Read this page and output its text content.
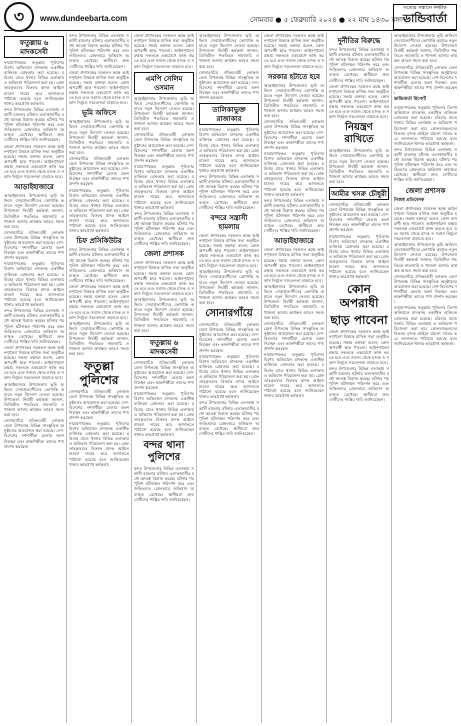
৩	www.dundeebarta.com	সোমবার ● ৫ ফেব্রুয়ারি ২০২৪ ● ২২ মাঘ ১৪৩০ বঙ্গাব্দ
সত্যের সন্ধানে নির্ভীক
ডান্ডিবার্তা
ফতুল্লায় ৬ মাদকসেবী

নারায়ণগঞ্জের ফতুল্লায় পুলিশের বিশেষ অভিযানে মাদকসহ একাধিক ব্যক্তিকে গ্রেফতার করা হয়েছে। রবিবার রাতে থানার বিভিন্ন এলাকায় এ অভিযান পরিচালনা করা হয়। গ্রেফতারকৃতদের বিরুদ্ধে মাদক আইনে মামলা দায়ের করে আদালতে পাঠানো হয়েছে বলে জানিয়েছেন থানার ভারপ্রাপ্ত কর্মকর্তা।

বন্দর উপজেলার বিভিন্ন এলাকায় সন্ত্রাসী হামলার ঘটনায় এলাকাবাসীর মধ্যে আতঙ্ক বিরাজ করছে। ঘটনার পর পুলিশ ঘটনাস্থল পরিদর্শন করে এবং জড়িতদের গ্রেফতারে অভিযান অব্যাহত রেখেছে। স্থানীয়রা দ্রুত দোষীদের শাস্তির দাবি জানিয়েছেন।

জেলা প্রশাসকের সম্মেলন কক্ষে আইনশৃঙ্খলা বিষয়ক মাসিক সভা অনুষ্ঠিত হয়েছে। সভায় বক্তারা বলেন, কোন অপরাধী ছাড় পাবেনা। আইনশৃঙ্খলা রক্ষায় সকলকে একযোগে কাজ করতে হবে এবং সমাজ থেকে মাদক ও সন্ত্রাস নির্মূলে সচেতনতা বাড়াতে হবে।

আড়াইহাজারে

আড়াইহাজার উপজেলায় ভূমি অফিসে সেবাপ্রত্যাশীদের ভোগান্তি কমাতে নতুন উদ্যোগ নেওয়া হয়েছে। উপজেলা নির্বাহী কর্মকর্তা জানান, ডিজিটাল পদ্ধতিতে নামজারি ও খাজনা আদায় কার্যক্রম আরও সহজ করা হবে।

সোনারগাঁয়ে ঐতিহ্যবাহী লোকজ মেলা উপলক্ষে বিভিন্ন সাংস্কৃতিক অনুষ্ঠানের আয়োজন করা হয়েছে। দেশ-বিদেশের দর্শনার্থীরা মেলায় অংশ নিচ্ছেন এবং কারুশিল্পীরা তাদের পণ্য প্রদর্শন করছেন।

নারায়ণগঞ্জের ফতুল্লায় পুলিশের বিশেষ অভিযানে মাদকসহ একাধিক ব্যক্তিকে গ্রেফতার করা হয়েছে। রবিবার রাতে থানার বিভিন্ন এলাকায় এ অভিযান পরিচালনা করা হয়। গ্রেফতারকৃতদের বিরুদ্ধে মাদক আইনে মামলা দায়ের করে আদালতে পাঠানো হয়েছে বলে জানিয়েছেন থানার ভারপ্রাপ্ত কর্মকর্তা।

বন্দর উপজেলার বিভিন্ন এলাকায় সন্ত্রাসী হামলার ঘটনায় এলাকাবাসীর মধ্যে আতঙ্ক বিরাজ করছে। ঘটনার পর পুলিশ ঘটনাস্থল পরিদর্শন করে এবং জড়িতদের গ্রেফতারে অভিযান অব্যাহত রেখেছে। স্থানীয়রা দ্রুত দোষীদের শাস্তির দাবি জানিয়েছেন।

জেলা প্রশাসকের সম্মেলন কক্ষে আইনশৃঙ্খলা বিষয়ক মাসিক সভা অনুষ্ঠিত হয়েছে। সভায় বক্তারা বলেন, কোন অপরাধী ছাড় পাবেনা। আইনশৃঙ্খলা রক্ষায় সকলকে একযোগে কাজ করতে হবে এবং সমাজ থেকে মাদক ও সন্ত্রাস নির্মূলে সচেতনতা বাড়াতে হবে।

আড়াইহাজার উপজেলায় ভূমি অফিসে সেবাপ্রত্যাশীদের ভোগান্তি কমাতে নতুন উদ্যোগ নেওয়া হয়েছে। উপজেলা নির্বাহী কর্মকর্তা জানান, ডিজিটাল পদ্ধতিতে নামজারি ও খাজনা আদায় কার্যক্রম আরও সহজ করা হবে।

সোনারগাঁয়ে ঐতিহ্যবাহী লোকজ মেলা উপলক্ষে বিভিন্ন সাংস্কৃতিক অনুষ্ঠানের আয়োজন করা হয়েছে। দেশ-বিদেশের দর্শনার্থীরা মেলায় অংশ নিচ্ছেন এবং কারুশিল্পীরা তাদের পণ্য প্রদর্শন করছেন।

বন্দর উপজেলার বিভিন্ন এলাকায় সন্ত্রাসী হামলার ঘটনায় এলাকাবাসীর মধ্যে আতঙ্ক বিরাজ করছে। ঘটনার পর পুলিশ ঘটনাস্থল পরিদর্শন করে এবং জড়িতদের গ্রেফতারে অভিযান অব্যাহত রেখেছে। স্থানীয়রা দ্রুত দোষীদের শাস্তির দাবি জানিয়েছেন।

জেলা প্রশাসকের সম্মেলন কক্ষে আইনশৃঙ্খলা বিষয়ক মাসিক সভা অনুষ্ঠিত হয়েছে। সভায় বক্তারা বলেন, কোন অপরাধী ছাড় পাবেনা। আইনশৃঙ্খলা রক্ষায় সকলকে একযোগে কাজ করতে হবে এবং সমাজ থেকে মাদক ও সন্ত্রাস নির্মূলে সচেতনতা বাড়াতে হবে।

ভূমি অফিসে

আড়াইহাজার উপজেলায় ভূমি অফিসে সেবাপ্রত্যাশীদের ভোগান্তি কমাতে নতুন উদ্যোগ নেওয়া হয়েছে। উপজেলা নির্বাহী কর্মকর্তা জানান, ডিজিটাল পদ্ধতিতে নামজারি ও খাজনা আদায় কার্যক্রম আরও সহজ করা হবে।

সোনারগাঁয়ে ঐতিহ্যবাহী লোকজ মেলা উপলক্ষে বিভিন্ন সাংস্কৃতিক অনুষ্ঠানের আয়োজন করা হয়েছে। দেশ-বিদেশের দর্শনার্থীরা মেলায় অংশ নিচ্ছেন এবং কারুশিল্পীরা তাদের পণ্য প্রদর্শন করছেন।

নারায়ণগঞ্জের ফতুল্লায় পুলিশের বিশেষ অভিযানে মাদকসহ একাধিক ব্যক্তিকে গ্রেফতার করা হয়েছে। রবিবার রাতে থানার বিভিন্ন এলাকায় এ অভিযান পরিচালনা করা হয়। গ্রেফতারকৃতদের বিরুদ্ধে মাদক আইনে মামলা দায়ের করে আদালতে পাঠানো হয়েছে বলে জানিয়েছেন থানার ভারপ্রাপ্ত কর্মকর্তা।

চিফ প্রসিকিউটর

বন্দর উপজেলার বিভিন্ন এলাকায় সন্ত্রাসী হামলার ঘটনায় এলাকাবাসীর মধ্যে আতঙ্ক বিরাজ করছে। ঘটনার পর পুলিশ ঘটনাস্থল পরিদর্শন করে এবং জড়িতদের গ্রেফতারে অভিযান অব্যাহত রেখেছে। স্থানীয়রা দ্রুত দোষীদের শাস্তির দাবি জানিয়েছেন।

জেলা প্রশাসকের সম্মেলন কক্ষে আইনশৃঙ্খলা বিষয়ক মাসিক সভা অনুষ্ঠিত হয়েছে। সভায় বক্তারা বলেন, কোন অপরাধী ছাড় পাবেনা। আইনশৃঙ্খলা রক্ষায় সকলকে একযোগে কাজ করতে হবে এবং সমাজ থেকে মাদক ও সন্ত্রাস নির্মূলে সচেতনতা বাড়াতে হবে।

আড়াইহাজার উপজেলায় ভূমি অফিসে সেবাপ্রত্যাশীদের ভোগান্তি কমাতে নতুন উদ্যোগ নেওয়া হয়েছে। উপজেলা নির্বাহী কর্মকর্তা জানান, ডিজিটাল পদ্ধতিতে নামজারি ও খাজনা আদায় কার্যক্রম আরও সহজ করা হবে।

ফতুল্লা পুলিশের

সোনারগাঁয়ে ঐতিহ্যবাহী লোকজ মেলা উপলক্ষে বিভিন্ন সাংস্কৃতিক অনুষ্ঠানের আয়োজন করা হয়েছে। দেশ-বিদেশের দর্শনার্থীরা মেলায় অংশ নিচ্ছেন এবং কারুশিল্পীরা তাদের পণ্য প্রদর্শন করছেন।

নারায়ণগঞ্জের ফতুল্লায় পুলিশের বিশেষ অভিযানে মাদকসহ একাধিক ব্যক্তিকে গ্রেফতার করা হয়েছে। রবিবার রাতে থানার বিভিন্ন এলাকায় এ অভিযান পরিচালনা করা হয়। গ্রেফতারকৃতদের বিরুদ্ধে মাদক আইনে মামলা দায়ের করে আদালতে পাঠানো হয়েছে বলে জানিয়েছেন থানার ভারপ্রাপ্ত কর্মকর্তা।

জেলা প্রশাসকের সম্মেলন কক্ষে আইনশৃঙ্খলা বিষয়ক মাসিক সভা অনুষ্ঠিত হয়েছে। সভায় বক্তারা বলেন, কোন অপরাধী ছাড় পাবেনা। আইনশৃঙ্খলা রক্ষায় সকলকে একযোগে কাজ করতে হবে এবং সমাজ থেকে মাদক ও সন্ত্রাস নির্মূলে সচেতনতা বাড়াতে হবে।

এমপি সেলিম ওসমান

আড়াইহাজার উপজেলায় ভূমি অফিসে সেবাপ্রত্যাশীদের ভোগান্তি কমাতে নতুন উদ্যোগ নেওয়া হয়েছে। উপজেলা নির্বাহী কর্মকর্তা জানান, ডিজিটাল পদ্ধতিতে নামজারি ও খাজনা আদায় কার্যক্রম আরও সহজ করা হবে।

সোনারগাঁয়ে ঐতিহ্যবাহী লোকজ মেলা উপলক্ষে বিভিন্ন সাংস্কৃতিক অনুষ্ঠানের আয়োজন করা হয়েছে। দেশ-বিদেশের দর্শনার্থীরা মেলায় অংশ নিচ্ছেন এবং কারুশিল্পীরা তাদের পণ্য প্রদর্শন করছেন।

নারায়ণগঞ্জের ফতুল্লায় পুলিশের বিশেষ অভিযানে মাদকসহ একাধিক ব্যক্তিকে গ্রেফতার করা হয়েছে। রবিবার রাতে থানার বিভিন্ন এলাকায় এ অভিযান পরিচালনা করা হয়। গ্রেফতারকৃতদের বিরুদ্ধে মাদক আইনে মামলা দায়ের করে আদালতে পাঠানো হয়েছে বলে জানিয়েছেন থানার ভারপ্রাপ্ত কর্মকর্তা।

বন্দর উপজেলার বিভিন্ন এলাকায় সন্ত্রাসী হামলার ঘটনায় এলাকাবাসীর মধ্যে আতঙ্ক বিরাজ করছে। ঘটনার পর পুলিশ ঘটনাস্থল পরিদর্শন করে এবং জড়িতদের গ্রেফতারে অভিযান অব্যাহত রেখেছে। স্থানীয়রা দ্রুত দোষীদের শাস্তির দাবি জানিয়েছেন।

জেলা প্রশাসক

জেলা প্রশাসকের সম্মেলন কক্ষে আইনশৃঙ্খলা বিষয়ক মাসিক সভা অনুষ্ঠিত হয়েছে। সভায় বক্তারা বলেন, কোন অপরাধী ছাড় পাবেনা। আইনশৃঙ্খলা রক্ষায় সকলকে একযোগে কাজ করতে হবে এবং সমাজ থেকে মাদক ও সন্ত্রাস নির্মূলে সচেতনতা বাড়াতে হবে।

আড়াইহাজার উপজেলায় ভূমি অফিসে সেবাপ্রত্যাশীদের ভোগান্তি কমাতে নতুন উদ্যোগ নেওয়া হয়েছে। উপজেলা নির্বাহী কর্মকর্তা জানান, ডিজিটাল পদ্ধতিতে নামজারি ও খাজনা আদায় কার্যক্রম আরও সহজ করা হবে।

ফতুল্লায় ৬ মাদকসেবী

সোনারগাঁয়ে ঐতিহ্যবাহী লোকজ মেলা উপলক্ষে বিভিন্ন সাংস্কৃতিক অনুষ্ঠানের আয়োজন করা হয়েছে। দেশ-বিদেশের দর্শনার্থীরা মেলায় অংশ নিচ্ছেন এবং কারুশিল্পীরা তাদের পণ্য প্রদর্শন করছেন।

নারায়ণগঞ্জের ফতুল্লায় পুলিশের বিশেষ অভিযানে মাদকসহ একাধিক ব্যক্তিকে গ্রেফতার করা হয়েছে। রবিবার রাতে থানার বিভিন্ন এলাকায় এ অভিযান পরিচালনা করা হয়। গ্রেফতারকৃতদের বিরুদ্ধে মাদক আইনে মামলা দায়ের করে আদালতে পাঠানো হয়েছে বলে জানিয়েছেন থানার ভারপ্রাপ্ত কর্মকর্তা।

বন্দর থানা পুলিশের

বন্দর উপজেলার বিভিন্ন এলাকায় সন্ত্রাসী হামলার ঘটনায় এলাকাবাসীর মধ্যে আতঙ্ক বিরাজ করছে। ঘটনার পর পুলিশ ঘটনাস্থল পরিদর্শন করে এবং জড়িতদের গ্রেফতারে অভিযান অব্যাহত রেখেছে। স্থানীয়রা দ্রুত দোষীদের শাস্তির দাবি জানিয়েছেন।

আড়াইহাজার উপজেলায় ভূমি অফিসে সেবাপ্রত্যাশীদের ভোগান্তি কমাতে নতুন উদ্যোগ নেওয়া হয়েছে। উপজেলা নির্বাহী কর্মকর্তা জানান, ডিজিটাল পদ্ধতিতে নামজারি ও খাজনা আদায় কার্যক্রম আরও সহজ করা হবে।

সোনারগাঁয়ে ঐতিহ্যবাহী লোকজ মেলা উপলক্ষে বিভিন্ন সাংস্কৃতিক অনুষ্ঠানের আয়োজন করা হয়েছে। দেশ-বিদেশের দর্শনার্থীরা মেলায় অংশ নিচ্ছেন এবং কারুশিল্পীরা তাদের পণ্য প্রদর্শন করছেন।

তালিকাভুক্ত রাজাকার

নারায়ণগঞ্জের ফতুল্লায় পুলিশের বিশেষ অভিযানে মাদকসহ একাধিক ব্যক্তিকে গ্রেফতার করা হয়েছে। রবিবার রাতে থানার বিভিন্ন এলাকায় এ অভিযান পরিচালনা করা হয়। গ্রেফতারকৃতদের বিরুদ্ধে মাদক আইনে মামলা দায়ের করে আদালতে পাঠানো হয়েছে বলে জানিয়েছেন থানার ভারপ্রাপ্ত কর্মকর্তা।

বন্দর উপজেলার বিভিন্ন এলাকায় সন্ত্রাসী হামলার ঘটনায় এলাকাবাসীর মধ্যে আতঙ্ক বিরাজ করছে। ঘটনার পর পুলিশ ঘটনাস্থল পরিদর্শন করে এবং জড়িতদের গ্রেফতারে অভিযান অব্যাহত রেখেছে। স্থানীয়রা দ্রুত দোষীদের শাস্তির দাবি জানিয়েছেন।

বন্দরে সন্ত্রাসী হামলায়

জেলা প্রশাসকের সম্মেলন কক্ষে আইনশৃঙ্খলা বিষয়ক মাসিক সভা অনুষ্ঠিত হয়েছে। সভায় বক্তারা বলেন, কোন অপরাধী ছাড় পাবেনা। আইনশৃঙ্খলা রক্ষায় সকলকে একযোগে কাজ করতে হবে এবং সমাজ থেকে মাদক ও সন্ত্রাস নির্মূলে সচেতনতা বাড়াতে হবে।

আড়াইহাজার উপজেলায় ভূমি অফিসে সেবাপ্রত্যাশীদের ভোগান্তি কমাতে নতুন উদ্যোগ নেওয়া হয়েছে। উপজেলা নির্বাহী কর্মকর্তা জানান, ডিজিটাল পদ্ধতিতে নামজারি ও খাজনা আদায় কার্যক্রম আরও সহজ করা হবে।

সোনারগাঁয়ে

সোনারগাঁয়ে ঐতিহ্যবাহী লোকজ মেলা উপলক্ষে বিভিন্ন সাংস্কৃতিক অনুষ্ঠানের আয়োজন করা হয়েছে। দেশ-বিদেশের দর্শনার্থীরা মেলায় অংশ নিচ্ছেন এবং কারুশিল্পীরা তাদের পণ্য প্রদর্শন করছেন।

নারায়ণগঞ্জের ফতুল্লায় পুলিশের বিশেষ অভিযানে মাদকসহ একাধিক ব্যক্তিকে গ্রেফতার করা হয়েছে। রবিবার রাতে থানার বিভিন্ন এলাকায় এ অভিযান পরিচালনা করা হয়। গ্রেফতারকৃতদের বিরুদ্ধে মাদক আইনে মামলা দায়ের করে আদালতে পাঠানো হয়েছে বলে জানিয়েছেন থানার ভারপ্রাপ্ত কর্মকর্তা।

বন্দর উপজেলার বিভিন্ন এলাকায় সন্ত্রাসী হামলার ঘটনায় এলাকাবাসীর মধ্যে আতঙ্ক বিরাজ করছে। ঘটনার পর পুলিশ ঘটনাস্থল পরিদর্শন করে এবং জড়িতদের গ্রেফতারে অভিযান অব্যাহত রেখেছে। স্থানীয়রা দ্রুত দোষীদের শাস্তির দাবি জানিয়েছেন।

জেলা প্রশাসকের সম্মেলন কক্ষে আইনশৃঙ্খলা বিষয়ক মাসিক সভা অনুষ্ঠিত হয়েছে। সভায় বক্তারা বলেন, কোন অপরাধী ছাড় পাবেনা। আইনশৃঙ্খলা রক্ষায় সকলকে একযোগে কাজ করতে হবে এবং সমাজ থেকে মাদক ও সন্ত্রাস নির্মূলে সচেতনতা বাড়াতে হবে।

সরকার হটাতে হবে

আড়াইহাজার উপজেলায় ভূমি অফিসে সেবাপ্রত্যাশীদের ভোগান্তি কমাতে নতুন উদ্যোগ নেওয়া হয়েছে। উপজেলা নির্বাহী কর্মকর্তা জানান, ডিজিটাল পদ্ধতিতে নামজারি ও খাজনা আদায় কার্যক্রম আরও সহজ করা হবে।

সোনারগাঁয়ে ঐতিহ্যবাহী লোকজ মেলা উপলক্ষে বিভিন্ন সাংস্কৃতিক অনুষ্ঠানের আয়োজন করা হয়েছে। দেশ-বিদেশের দর্শনার্থীরা মেলায় অংশ নিচ্ছেন এবং কারুশিল্পীরা তাদের পণ্য প্রদর্শন করছেন।

নারায়ণগঞ্জের ফতুল্লায় পুলিশের বিশেষ অভিযানে মাদকসহ একাধিক ব্যক্তিকে গ্রেফতার করা হয়েছে। রবিবার রাতে থানার বিভিন্ন এলাকায় এ অভিযান পরিচালনা করা হয়। গ্রেফতারকৃতদের বিরুদ্ধে মাদক আইনে মামলা দায়ের করে আদালতে পাঠানো হয়েছে বলে জানিয়েছেন থানার ভারপ্রাপ্ত কর্মকর্তা।

বন্দর উপজেলার বিভিন্ন এলাকায় সন্ত্রাসী হামলার ঘটনায় এলাকাবাসীর মধ্যে আতঙ্ক বিরাজ করছে। ঘটনার পর পুলিশ ঘটনাস্থল পরিদর্শন করে এবং জড়িতদের গ্রেফতারে অভিযান অব্যাহত রেখেছে। স্থানীয়রা দ্রুত দোষীদের শাস্তির দাবি জানিয়েছেন।

আড়াইহাজারে

জেলা প্রশাসকের সম্মেলন কক্ষে আইনশৃঙ্খলা বিষয়ক মাসিক সভা অনুষ্ঠিত হয়েছে। সভায় বক্তারা বলেন, কোন অপরাধী ছাড় পাবেনা। আইনশৃঙ্খলা রক্ষায় সকলকে একযোগে কাজ করতে হবে এবং সমাজ থেকে মাদক ও সন্ত্রাস নির্মূলে সচেতনতা বাড়াতে হবে।

আড়াইহাজার উপজেলায় ভূমি অফিসে সেবাপ্রত্যাশীদের ভোগান্তি কমাতে নতুন উদ্যোগ নেওয়া হয়েছে। উপজেলা নির্বাহী কর্মকর্তা জানান, ডিজিটাল পদ্ধতিতে নামজারি ও খাজনা আদায় কার্যক্রম আরও সহজ করা হবে।

সোনারগাঁয়ে ঐতিহ্যবাহী লোকজ মেলা উপলক্ষে বিভিন্ন সাংস্কৃতিক অনুষ্ঠানের আয়োজন করা হয়েছে। দেশ-বিদেশের দর্শনার্থীরা মেলায় অংশ নিচ্ছেন এবং কারুশিল্পীরা তাদের পণ্য প্রদর্শন করছেন।

নারায়ণগঞ্জের ফতুল্লায় পুলিশের বিশেষ অভিযানে মাদকসহ একাধিক ব্যক্তিকে গ্রেফতার করা হয়েছে। রবিবার রাতে থানার বিভিন্ন এলাকায় এ অভিযান পরিচালনা করা হয়। গ্রেফতারকৃতদের বিরুদ্ধে মাদক আইনে মামলা দায়ের করে আদালতে পাঠানো হয়েছে বলে জানিয়েছেন থানার ভারপ্রাপ্ত কর্মকর্তা।

দুর্নীতির বিরুদ্ধে

বন্দর উপজেলার বিভিন্ন এলাকায় সন্ত্রাসী হামলার ঘটনায় এলাকাবাসীর মধ্যে আতঙ্ক বিরাজ করছে। ঘটনার পর পুলিশ ঘটনাস্থল পরিদর্শন করে এবং জড়িতদের গ্রেফতারে অভিযান অব্যাহত রেখেছে। স্থানীয়রা দ্রুত দোষীদের শাস্তির দাবি জানিয়েছেন।

জেলা প্রশাসকের সম্মেলন কক্ষে আইনশৃঙ্খলা বিষয়ক মাসিক সভা অনুষ্ঠিত হয়েছে। সভায় বক্তারা বলেন, কোন অপরাধী ছাড় পাবেনা। আইনশৃঙ্খলা রক্ষায় সকলকে একযোগে কাজ করতে হবে এবং সমাজ থেকে মাদক ও সন্ত্রাস নির্মূলে সচেতনতা বাড়াতে হবে।

নিয়ন্ত্রণ রাখিতে

আড়াইহাজার উপজেলায় ভূমি অফিসে সেবাপ্রত্যাশীদের ভোগান্তি কমাতে নতুন উদ্যোগ নেওয়া হয়েছে। উপজেলা নির্বাহী কর্মকর্তা জানান, ডিজিটাল পদ্ধতিতে নামজারি ও খাজনা আদায় কার্যক্রম আরও সহজ করা হবে।

আমীর খসরু চৌধুরী

সোনারগাঁয়ে ঐতিহ্যবাহী লোকজ মেলা উপলক্ষে বিভিন্ন সাংস্কৃতিক অনুষ্ঠানের আয়োজন করা হয়েছে। দেশ-বিদেশের দর্শনার্থীরা মেলায় অংশ নিচ্ছেন এবং কারুশিল্পীরা তাদের পণ্য প্রদর্শন করছেন।

নারায়ণগঞ্জের ফতুল্লায় পুলিশের বিশেষ অভিযানে মাদকসহ একাধিক ব্যক্তিকে গ্রেফতার করা হয়েছে। রবিবার রাতে থানার বিভিন্ন এলাকায় এ অভিযান পরিচালনা করা হয়। গ্রেফতারকৃতদের বিরুদ্ধে মাদক আইনে মামলা দায়ের করে আদালতে পাঠানো হয়েছে বলে জানিয়েছেন থানার ভারপ্রাপ্ত কর্মকর্তা।

কোন অপরাধী
ছাড় পাবেনা

জেলা প্রশাসকের সম্মেলন কক্ষে আইনশৃঙ্খলা বিষয়ক মাসিক সভা অনুষ্ঠিত হয়েছে। সভায় বক্তারা বলেন, কোন অপরাধী ছাড় পাবেনা। আইনশৃঙ্খলা রক্ষায় সকলকে একযোগে কাজ করতে হবে এবং সমাজ থেকে মাদক ও সন্ত্রাস নির্মূলে সচেতনতা বাড়াতে হবে।

বন্দর উপজেলার বিভিন্ন এলাকায় সন্ত্রাসী হামলার ঘটনায় এলাকাবাসীর মধ্যে আতঙ্ক বিরাজ করছে। ঘটনার পর পুলিশ ঘটনাস্থল পরিদর্শন করে এবং জড়িতদের গ্রেফতারে অভিযান অব্যাহত রেখেছে। স্থানীয়রা দ্রুত দোষীদের শাস্তির দাবি জানিয়েছেন।

আড়াইহাজার উপজেলায় ভূমি অফিসে সেবাপ্রত্যাশীদের ভোগান্তি কমাতে নতুন উদ্যোগ নেওয়া হয়েছে। উপজেলা নির্বাহী কর্মকর্তা জানান, ডিজিটাল পদ্ধতিতে নামজারি ও খাজনা আদায় কার্যক্রম আরও সহজ করা হবে।

সোনারগাঁয়ে ঐতিহ্যবাহী লোকজ মেলা উপলক্ষে বিভিন্ন সাংস্কৃতিক অনুষ্ঠানের আয়োজন করা হয়েছে। দেশ-বিদেশের দর্শনার্থীরা মেলায় অংশ নিচ্ছেন এবং কারুশিল্পীরা তাদের পণ্য প্রদর্শন করছেন।

ডান্ডিবার্তা রিপোর্ট

নারায়ণগঞ্জের ফতুল্লায় পুলিশের বিশেষ অভিযানে মাদকসহ একাধিক ব্যক্তিকে গ্রেফতার করা হয়েছে। রবিবার রাতে থানার বিভিন্ন এলাকায় এ অভিযান পরিচালনা করা হয়। গ্রেফতারকৃতদের বিরুদ্ধে মাদক আইনে মামলা দায়ের করে আদালতে পাঠানো হয়েছে বলে জানিয়েছেন থানার ভারপ্রাপ্ত কর্মকর্তা।

বন্দর উপজেলার বিভিন্ন এলাকায় সন্ত্রাসী হামলার ঘটনায় এলাকাবাসীর মধ্যে আতঙ্ক বিরাজ করছে। ঘটনার পর পুলিশ ঘটনাস্থল পরিদর্শন করে এবং জড়িতদের গ্রেফতারে অভিযান অব্যাহত রেখেছে। স্থানীয়রা দ্রুত দোষীদের শাস্তির দাবি জানিয়েছেন।

জেলা প্রশাসক
নিজস্ব প্রতিবেদক

জেলা প্রশাসকের সম্মেলন কক্ষে আইনশৃঙ্খলা বিষয়ক মাসিক সভা অনুষ্ঠিত হয়েছে। সভায় বক্তারা বলেন, কোন অপরাধী ছাড় পাবেনা। আইনশৃঙ্খলা রক্ষায় সকলকে একযোগে কাজ করতে হবে এবং সমাজ থেকে মাদক ও সন্ত্রাস নির্মূলে সচেতনতা বাড়াতে হবে।

আড়াইহাজার উপজেলায় ভূমি অফিসে সেবাপ্রত্যাশীদের ভোগান্তি কমাতে নতুন উদ্যোগ নেওয়া হয়েছে। উপজেলা নির্বাহী কর্মকর্তা জানান, ডিজিটাল পদ্ধতিতে নামজারি ও খাজনা আদায় কার্যক্রম আরও সহজ করা হবে।

সোনারগাঁয়ে ঐতিহ্যবাহী লোকজ মেলা উপলক্ষে বিভিন্ন সাংস্কৃতিক অনুষ্ঠানের আয়োজন করা হয়েছে। দেশ-বিদেশের দর্শনার্থীরা মেলায় অংশ নিচ্ছেন এবং কারুশিল্পীরা তাদের পণ্য প্রদর্শন করছেন।

নারায়ণগঞ্জের ফতুল্লায় পুলিশের বিশেষ অভিযানে মাদকসহ একাধিক ব্যক্তিকে গ্রেফতার করা হয়েছে। রবিবার রাতে থানার বিভিন্ন এলাকায় এ অভিযান পরিচালনা করা হয়। গ্রেফতারকৃতদের বিরুদ্ধে মাদক আইনে মামলা দায়ের করে আদালতে পাঠানো হয়েছে বলে জানিয়েছেন থানার ভারপ্রাপ্ত কর্মকর্তা।
